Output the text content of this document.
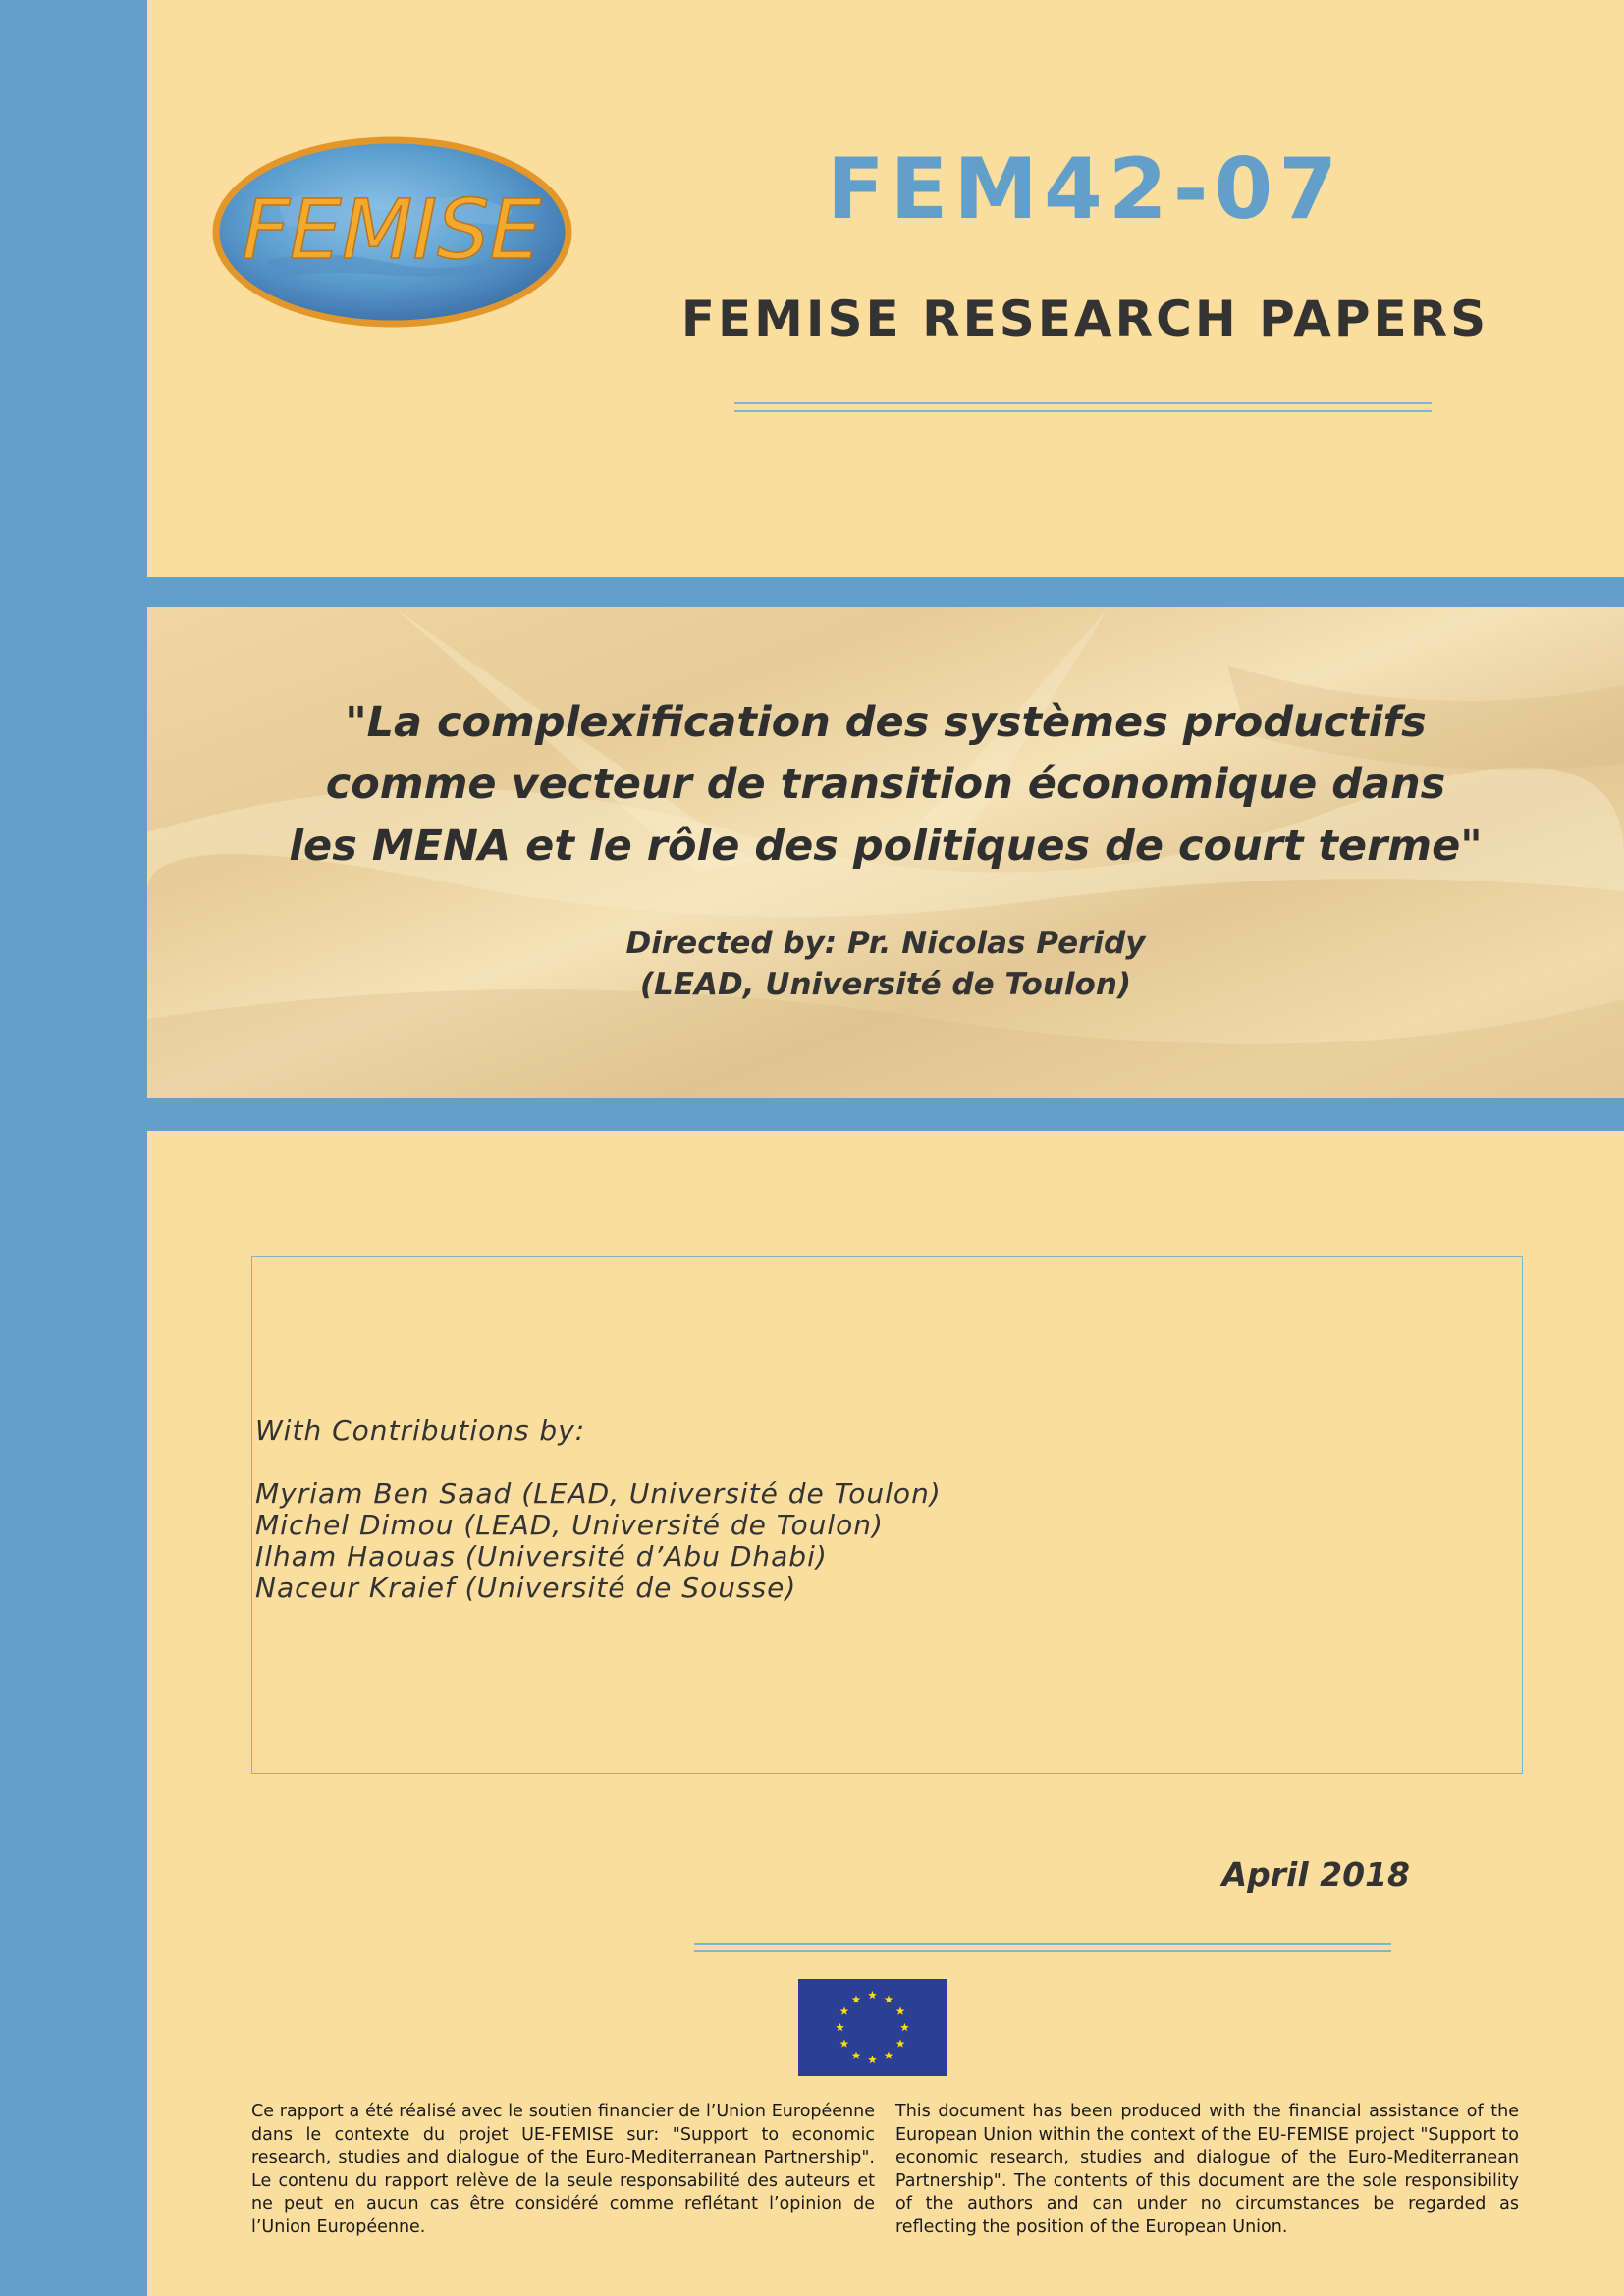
FEMISE	FEM42-07
FEMISE RESEARCH PAPERS
"La complexification des systèmes productifs
comme vecteur de transition économique dans
les MENA et le rôle des politiques de court terme"
Directed by: Pr. Nicolas Peridy
(LEAD, Université de Toulon)
With Contributions by:
Myriam Ben Saad (LEAD, Université de Toulon)
Michel Dimou (LEAD, Université de Toulon)
Ilham Haouas (Université d’Abu Dhabi)
Naceur Kraief (Université de Sousse)
April 2018

Ce rapport a été réalisé avec le soutien financier de l’Union Européenne dans le contexte du projet UE-FEMISE sur: "Support to economic research, studies and dialogue of the Euro-Mediterranean Partnership". Le contenu du rapport relève de la seule responsabilité des auteurs et ne peut en aucun cas être considéré comme reflétant l’opinion de l’Union Européenne.

This document has been produced with the financial assistance of the European Union within the context of the EU-FEMISE project "Support to economic research, studies and dialogue of the Euro-Mediterranean Partnership". The contents of this document are the sole responsibility of the authors and can under no circumstances be regarded as reflecting the position of the European Union.
